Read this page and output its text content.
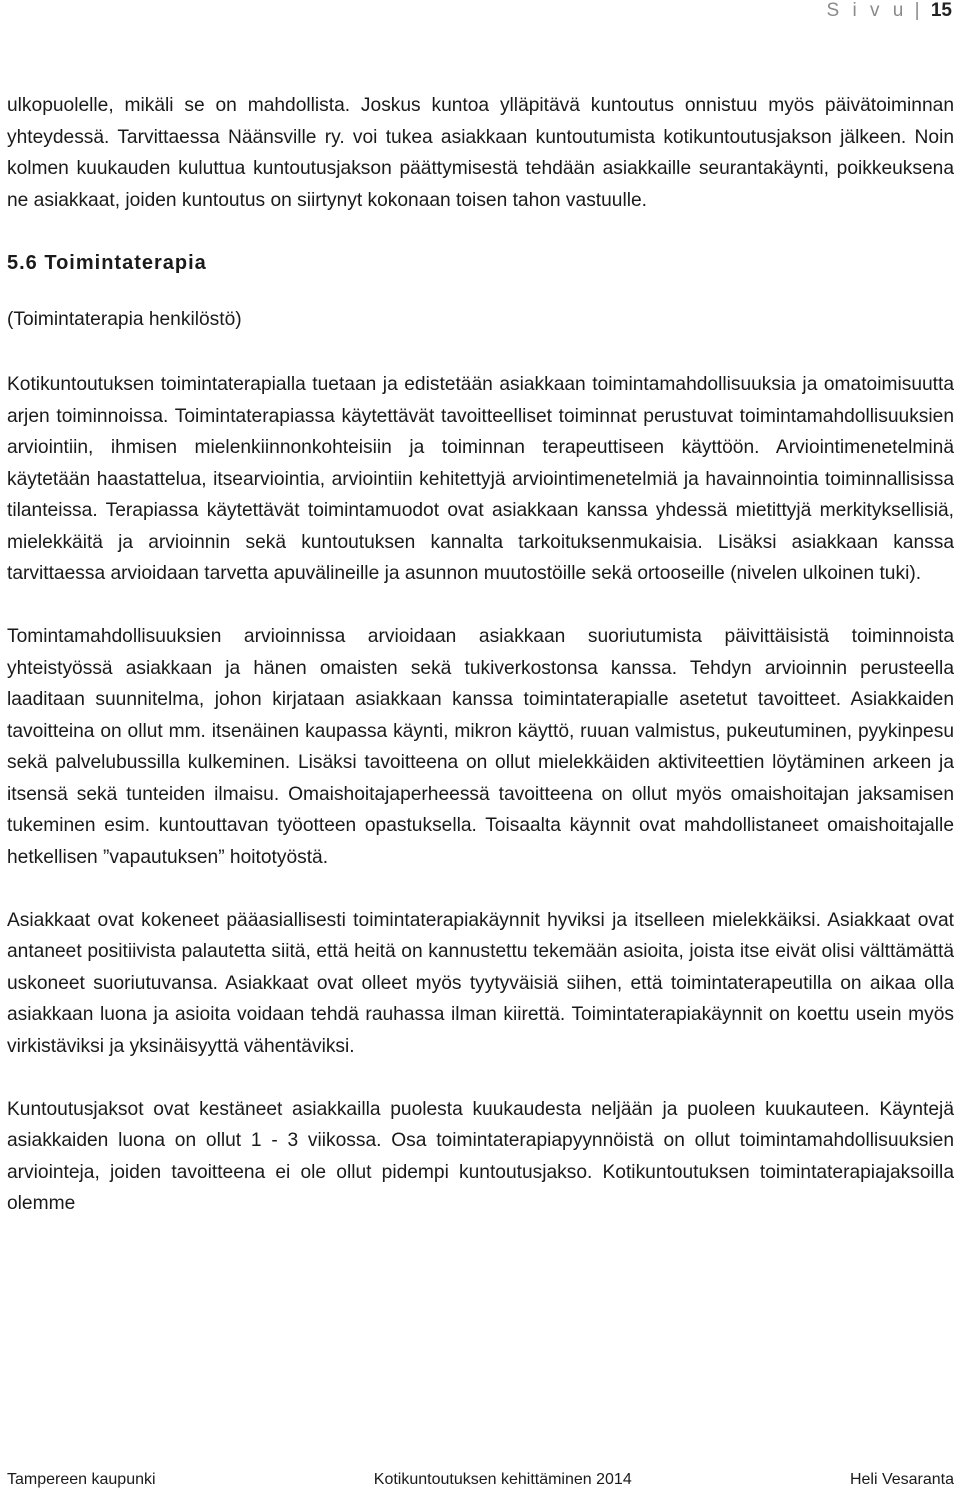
S i v u | 15

ulkopuolelle, mikäli se on mahdollista. Joskus kuntoa ylläpitävä kuntoutus onnistuu myös päivätoiminnan yhteydessä. Tarvittaessa Näänsville ry. voi tukea asiakkaan kuntoutumista kotikuntoutusjakson jälkeen. Noin kolmen kuukauden kuluttua kuntoutusjakson päättymisestä tehdään asiakkaille seurantakäynti, poikkeuksena ne asiakkaat, joiden kuntoutus on siirtynyt kokonaan toisen tahon vastuulle.

5.6 Toimintaterapia

(Toimintaterapia henkilöstö)

Kotikuntoutuksen toimintaterapialla tuetaan ja edistetään asiakkaan toimintamahdollisuuksia ja omatoimisuutta arjen toiminnoissa. Toimintaterapiassa käytettävät tavoitteelliset toiminnat perustuvat toimintamahdollisuuksien arviointiin, ihmisen mielenkiinnonkohteisiin ja toiminnan terapeuttiseen käyttöön. Arviointimenetelminä käytetään haastattelua, itsearviointia, arviointiin kehitettyjä arviointimenetelmiä ja havainnointia toiminnallisissa tilanteissa. Terapiassa käytettävät toimintamuodot ovat asiakkaan kanssa yhdessä mietittyjä merkityksellisiä, mielekkäitä ja arvioinnin sekä kuntoutuksen kannalta tarkoituksenmukaisia. Lisäksi asiakkaan kanssa tarvittaessa arvioidaan tarvetta apuvälineille ja asunnon muutostöille sekä ortooseille (nivelen ulkoinen tuki).

Tomintamahdollisuuksien arvioinnissa arvioidaan asiakkaan suoriutumista päivittäisistä toiminnoista yhteistyössä asiakkaan ja hänen omaisten sekä tukiverkostonsa kanssa. Tehdyn arvioinnin perusteella laaditaan suunnitelma, johon kirjataan asiakkaan kanssa toimintaterapialle asetetut tavoitteet. Asiakkaiden tavoitteina on ollut mm. itsenäinen kaupassa käynti, mikron käyttö, ruuan valmistus, pukeutuminen, pyykinpesu sekä palvelubussilla kulkeminen. Lisäksi tavoitteena on ollut mielekkäiden aktiviteettien löytäminen arkeen ja itsensä sekä tunteiden ilmaisu. Omaishoitajaperheessä tavoitteena on ollut myös omaishoitajan jaksamisen tukeminen esim. kuntouttavan työotteen opastuksella. Toisaalta käynnit ovat mahdollistaneet omaishoitajalle hetkellisen ”vapautuksen” hoitotyöstä.

Asiakkaat ovat kokeneet pääasiallisesti toimintaterapiakäynnit hyviksi ja itselleen mielekkäiksi. Asiakkaat ovat antaneet positiivista palautetta siitä, että heitä on kannustettu tekemään asioita, joista itse eivät olisi välttämättä uskoneet suoriutuvansa. Asiakkaat ovat olleet myös tyytyväisiä siihen, että toimintaterapeutilla on aikaa olla asiakkaan luona ja asioita voidaan tehdä rauhassa ilman kiirettä. Toimintaterapiakäynnit on koettu usein myös virkistäviksi ja yksinäisyyttä vähentäviksi.

Kuntoutusjaksot ovat kestäneet asiakkailla puolesta kuukaudesta neljään ja puoleen kuukauteen. Käyntejä asiakkaiden luona on ollut 1 - 3 viikossa. Osa toimintaterapiapyynnöistä on ollut toimintamahdollisuuksien arviointeja, joiden tavoitteena ei ole ollut pidempi kuntoutusjakso. Kotikuntoutuksen toimintaterapiajaksoilla olemme

Tampereen kaupunki	Kotikuntoutuksen kehittäminen 2014	Heli Vesaranta
